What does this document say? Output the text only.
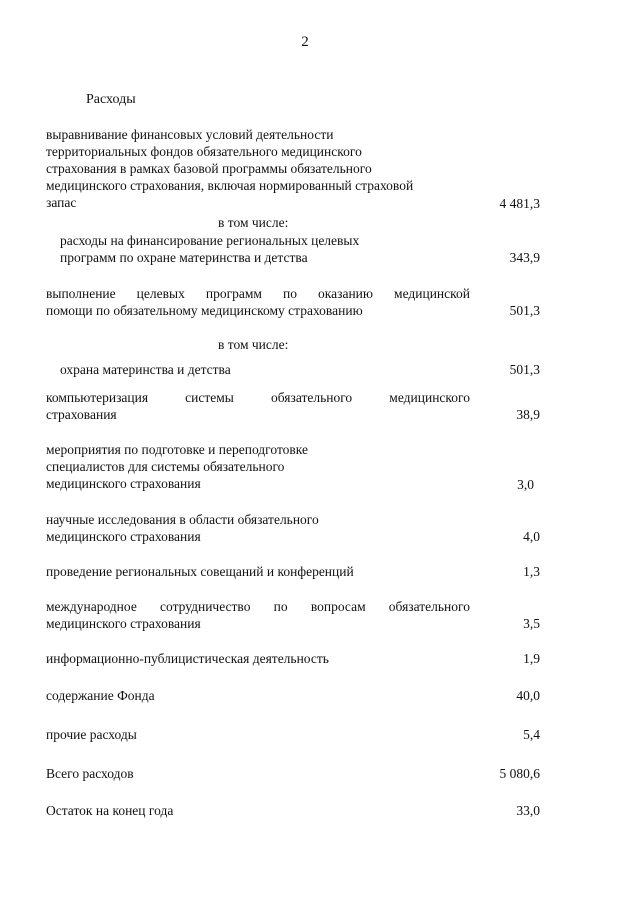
2
Расходы
выравнивание финансовых условий деятельности
территориальных фондов обязательного медицинского
страхования в рамках базовой программы обязательного
медицинского страхования, включая нормированный страховой
запас	4 481,3
в том числе:
расходы на финансирование региональных целевых
программ по охране материнства и детства	343,9
выполнение целевых программ по оказанию медицинской
помощи по обязательному медицинскому страхованию	501,3
в том числе:
охрана материнства и детства	501,3
компьютеризация системы обязательного медицинского
страхования	38,9
мероприятия по подготовке и переподготовке
специалистов для системы обязательного
медицинского страхования	3,0
научные исследования в области обязательного
медицинского страхования	4,0
проведение региональных совещаний и конференций	1,3
международное сотрудничество по вопросам обязательного
медицинского страхования	3,5
информационно-публицистическая деятельность	1,9
содержание Фонда	40,0
прочие расходы	5,4
Всего расходов	5 080,6
Остаток на конец года	33,0
